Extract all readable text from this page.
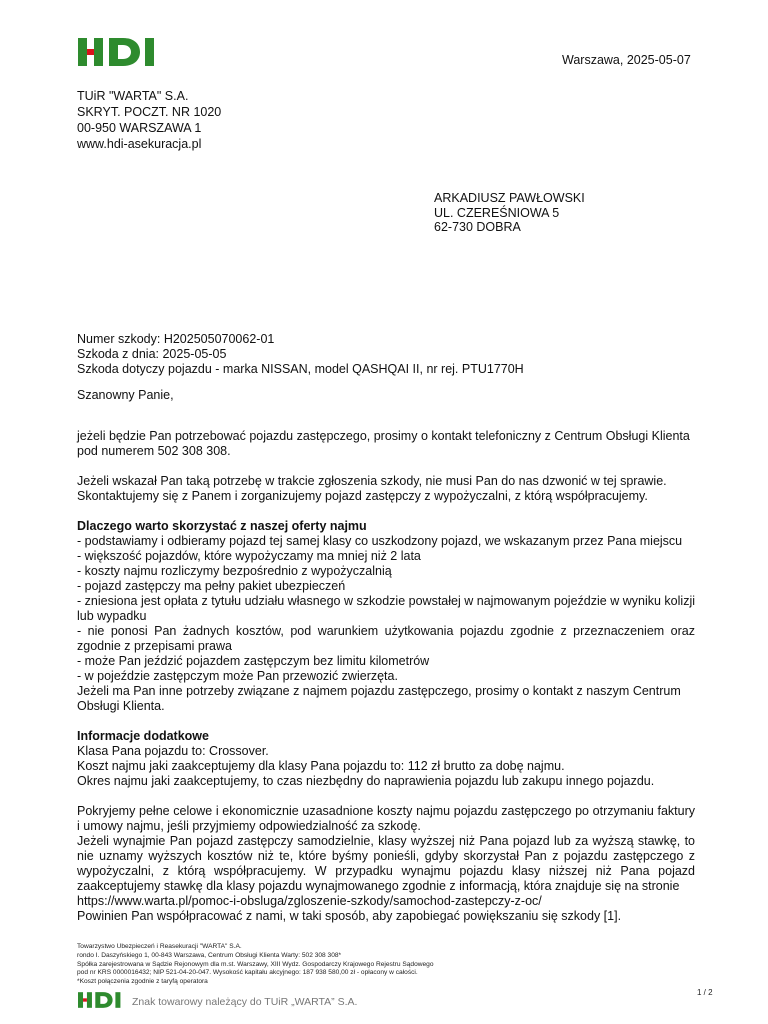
Warszawa, 2025-05-07
TUiR "WARTA" S.A.
SKRYT. POCZT. NR 1020
00-950 WARSZAWA 1
www.hdi-asekuracja.pl
ARKADIUSZ PAWŁOWSKI
UL. CZEREŚNIOWA 5
62-730 DOBRA
Numer szkody: H202505070062-01
Szkoda z dnia: 2025-05-05
Szkoda dotyczy pojazdu - marka NISSAN, model QASHQAI II, nr rej. PTU1770H
Szanowny Panie,

jeżeli będzie Pan potrzebować pojazdu zastępczego, prosimy o kontakt telefoniczny z Centrum Obsługi Klienta pod numerem 502 308 308.

Jeżeli wskazał Pan taką potrzebę w trakcie zgłoszenia szkody, nie musi Pan do nas dzwonić w tej sprawie. Skontaktujemy się z Panem i zorganizujemy pojazd zastępczy z wypożyczalni, z którą współpracujemy.

Dlaczego warto skorzystać z naszej oferty najmu

- podstawiamy i odbieramy pojazd tej samej klasy co uszkodzony pojazd, we wskazanym przez Pana miejscu

- większość pojazdów, które wypożyczamy ma mniej niż 2 lata

- koszty najmu rozliczymy bezpośrednio z wypożyczalnią

- pojazd zastępczy ma pełny pakiet ubezpieczeń

- zniesiona jest opłata z tytułu udziału własnego w szkodzie powstałej w najmowanym pojeździe w wyniku kolizji lub wypadku

- nie ponosi Pan żadnych kosztów, pod warunkiem użytkowania pojazdu zgodnie z przeznaczeniem oraz zgodnie z przepisami prawa

- może Pan jeździć pojazdem zastępczym bez limitu kilometrów

- w pojeździe zastępczym może Pan przewozić zwierzęta.

Jeżeli ma Pan inne potrzeby związane z najmem pojazdu zastępczego, prosimy o kontakt z naszym Centrum Obsługi Klienta.

Informacje dodatkowe

Klasa Pana pojazdu to: Crossover.

Koszt najmu jaki zaakceptujemy dla klasy Pana pojazdu to: 112 zł brutto za dobę najmu.

Okres najmu jaki zaakceptujemy, to czas niezbędny do naprawienia pojazdu lub zakupu innego pojazdu.

Pokryjemy pełne celowe i ekonomicznie uzasadnione koszty najmu pojazdu zastępczego po otrzymaniu faktury i umowy najmu, jeśli przyjmiemy odpowiedzialność za szkodę.

Jeżeli wynajmie Pan pojazd zastępczy samodzielnie, klasy wyższej niż Pana pojazd lub za wyższą stawkę, to nie uznamy wyższych kosztów niż te, które byśmy ponieśli, gdyby skorzystał Pan z pojazdu zastępczego z wypożyczalni, z którą współpracujemy. W przypadku wynajmu pojazdu klasy niższej niż Pana pojazd zaakceptujemy stawkę dla klasy pojazdu wynajmowanego zgodnie z informacją, która znajduje się na stronie

https://www.warta.pl/pomoc-i-obsluga/zgloszenie-szkody/samochod-zastepczy-z-oc/

Powinien Pan współpracować z nami, w taki sposób, aby zapobiegać powiększaniu się szkody [1].

Towarzystwo Ubezpieczeń i Reasekuracji "WARTA" S.A.
rondo I. Daszyńskiego 1, 00-843 Warszawa, Centrum Obsługi Klienta Warty: 502 308 308*
Spółka zarejestrowana w Sądzie Rejonowym dla m.st. Warszawy, XIII Wydz. Gospodarczy Krajowego Rejestru Sądowego
pod nr KRS 0000016432; NIP 521-04-20-047. Wysokość kapitału akcyjnego: 187 938 580,00 zł - opłacony w całości.
*Koszt połączenia zgodnie z taryfą operatora
Znak towarowy należący do TUiR „WARTA” S.A.
1 / 2
